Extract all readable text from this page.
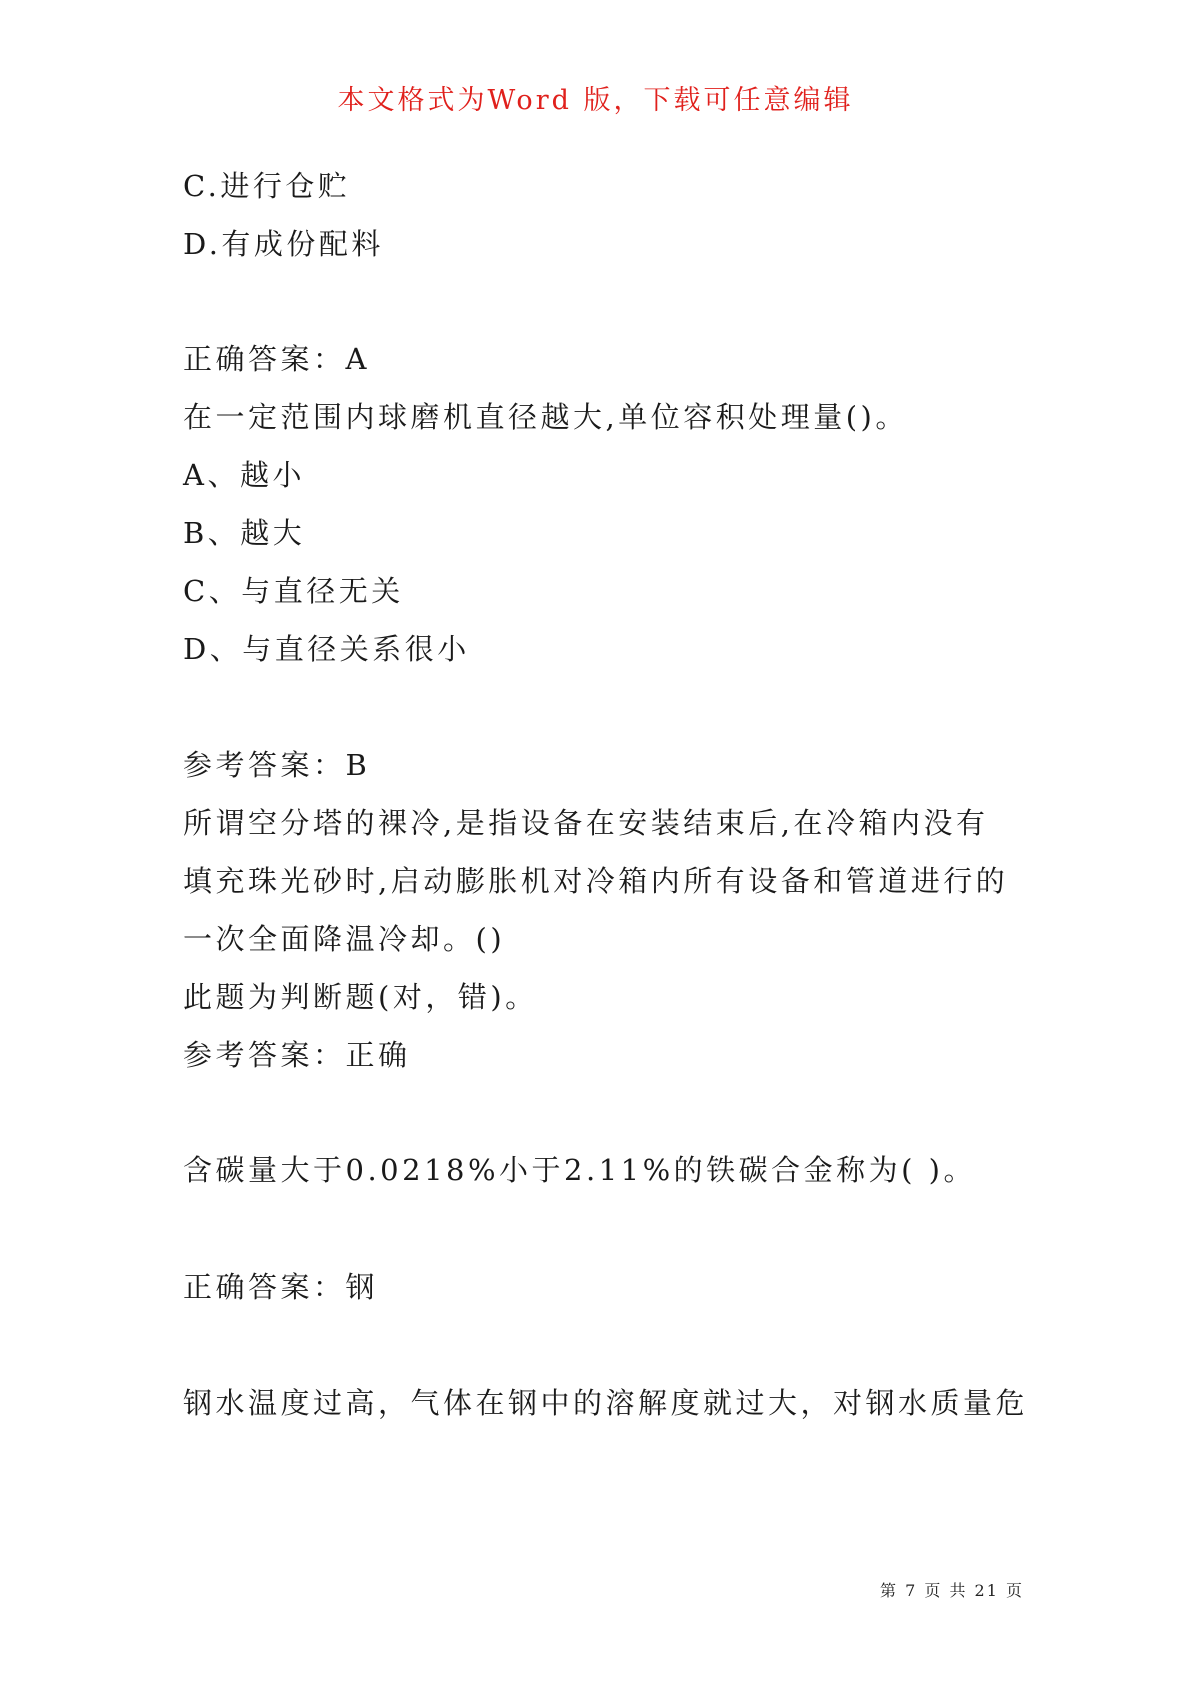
本文格式为Word 版，下载可任意编辑
C.进行仓贮
D.有成份配料
正确答案：A
在一定范围内球磨机直径越大,单位容积处理量()。
A、越小
B、越大
C、与直径无关
D、与直径关系很小
参考答案：B
所谓空分塔的裸冷,是指设备在安装结束后,在冷箱内没有
填充珠光砂时,启动膨胀机对冷箱内所有设备和管道进行的
一次全面降温冷却。()
此题为判断题(对，错)。
参考答案：正确
含碳量大于0.0218%小于2.11%的铁碳合金称为( )。
正确答案：钢
钢水温度过高，气体在钢中的溶解度就过大，对钢水质量危
第 7 页 共 21 页
